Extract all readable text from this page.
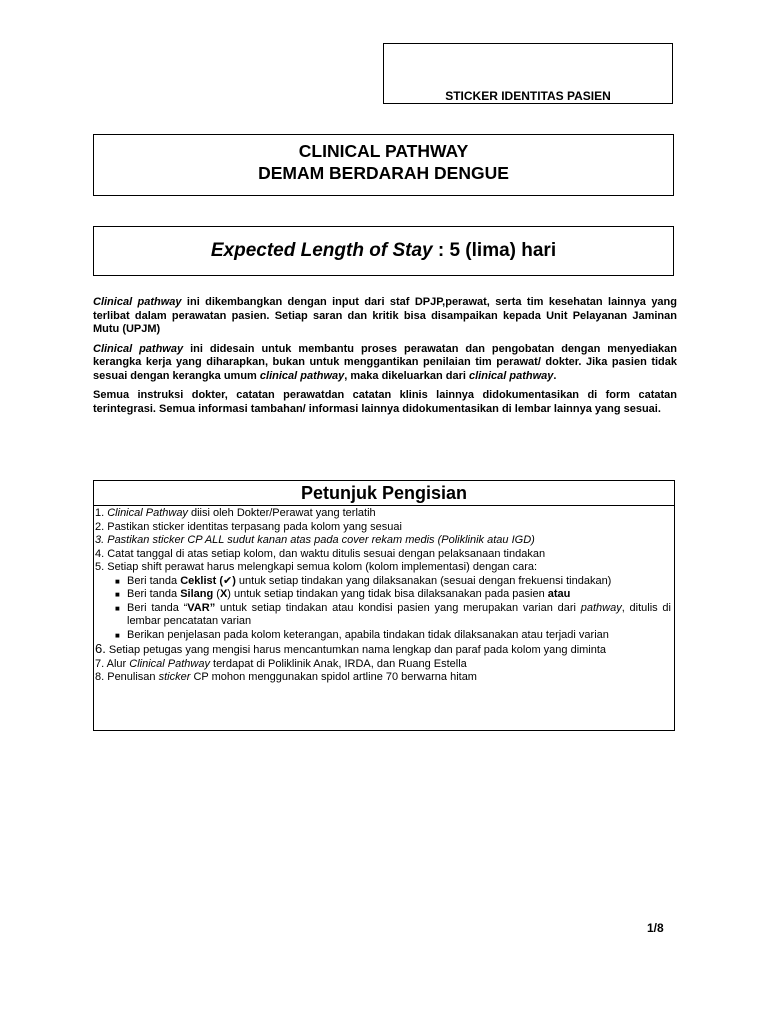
STICKER IDENTITAS PASIEN
CLINICAL PATHWAY
DEMAM BERDARAH DENGUE
Expected Length of Stay
: 5 (lima) hari

Clinical pathway ini dikembangkan dengan input dari staf DPJP,perawat, serta tim kesehatan lainnya yang terlibat dalam perawatan pasien. Setiap saran dan kritik bisa disampaikan kepada Unit Pelayanan Jaminan Mutu (UPJM)

Clinical pathway ini didesain untuk membantu proses perawatan dan pengobatan dengan menyediakan kerangka kerja yang diharapkan, bukan untuk menggantikan penilaian tim perawat/ dokter. Jika pasien tidak sesuai dengan kerangka umum clinical pathway, maka dikeluarkan dari clinical pathway.

Semua instruksi dokter, catatan perawatdan catatan klinis lainnya didokumentasikan di form catatan terintegrasi. Semua informasi tambahan/ informasi lainnya didokumentasikan di lembar lainnya yang sesuai.

Petunjuk Pengisian
1. Clinical Pathway diisi oleh Dokter/Perawat yang terlatih
2. Pastikan sticker identitas terpasang pada kolom yang sesuai
3. Pastikan sticker CP ALL sudut kanan atas pada cover rekam medis (Poliklinik atau IGD)
4. Catat tanggal di atas setiap kolom, dan waktu ditulis sesuai dengan pelaksanaan tindakan
5. Setiap shift perawat harus melengkapi semua kolom (kolom implementasi) dengan cara:
■ Beri tanda Ceklist (✔) untuk setiap tindakan yang dilaksanakan (sesuai dengan frekuensi tindakan)
■ Beri tanda Silang (X) untuk setiap tindakan yang tidak bisa dilaksanakan pada pasien atau
■ Beri tanda “VAR” untuk setiap tindakan atau kondisi pasien yang merupakan varian dari pathway, ditulis di lembar pencatatan varian
■ Berikan penjelasan pada kolom keterangan, apabila tindakan tidak dilaksanakan atau terjadi varian
6. Setiap petugas yang mengisi harus mencantumkan nama lengkap dan paraf pada kolom yang diminta
7. Alur Clinical Pathway terdapat di Poliklinik Anak, IRDA, dan Ruang Estella
8. Penulisan sticker CP mohon menggunakan spidol artline 70 berwarna hitam
1/8
